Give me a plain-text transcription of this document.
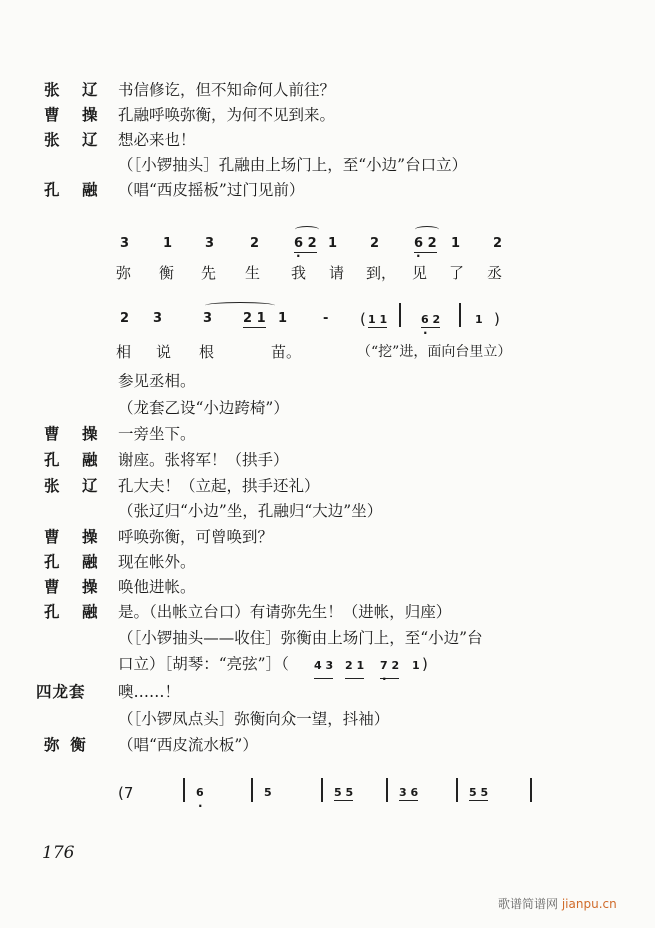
张 辽 书信修讫，但不知命何人前往？
曹 操 孔融呼唤弥衡，为何不见到来。
张 辽 想必来也！
（［小锣抽头］孔融由上场门上，至“小边”台口立）
孔 融 （唱“西皮摇板”过门见前）
3	1	3	2	6 2 · 1	2	6 2 · 1	2
弥 衡 先 生 我 请 到， 见 了 丞
2 3	3 2 1 1	- ( 1 1	6 2 ·	1 )
相 说 根	苗。	（“挖”进，面向台里立）
参见丞相。
（龙套乙设“小边跨椅”）
曹 操 一旁坐下。
孔 融 谢座。张将军！（拱手）
张 辽 孔大夫！（立起，拱手还礼）
（张辽归“小边”坐，孔融归“大边”坐）
曹 操 呼唤弥衡，可曾唤到？
孔 融 现在帐外。
曹 操 唤他进帐。
孔 融 是。（出帐立台口）有请弥先生！（进帐，归座）
（［小锣抽头——收住］弥衡由上场门上，至“小边”台
口立）［胡琴：“亮弦”］（ 4 3 2 1 7 2 · 1 )
四龙套 噢……！
（［小锣凤点头］弥衡向众一望，抖袖）
弥  衡 （唱“西皮流水板”）
(7	6 ·	5	5 5	3 6	5 5
176
歌谱简谱网 jianpu.cn
